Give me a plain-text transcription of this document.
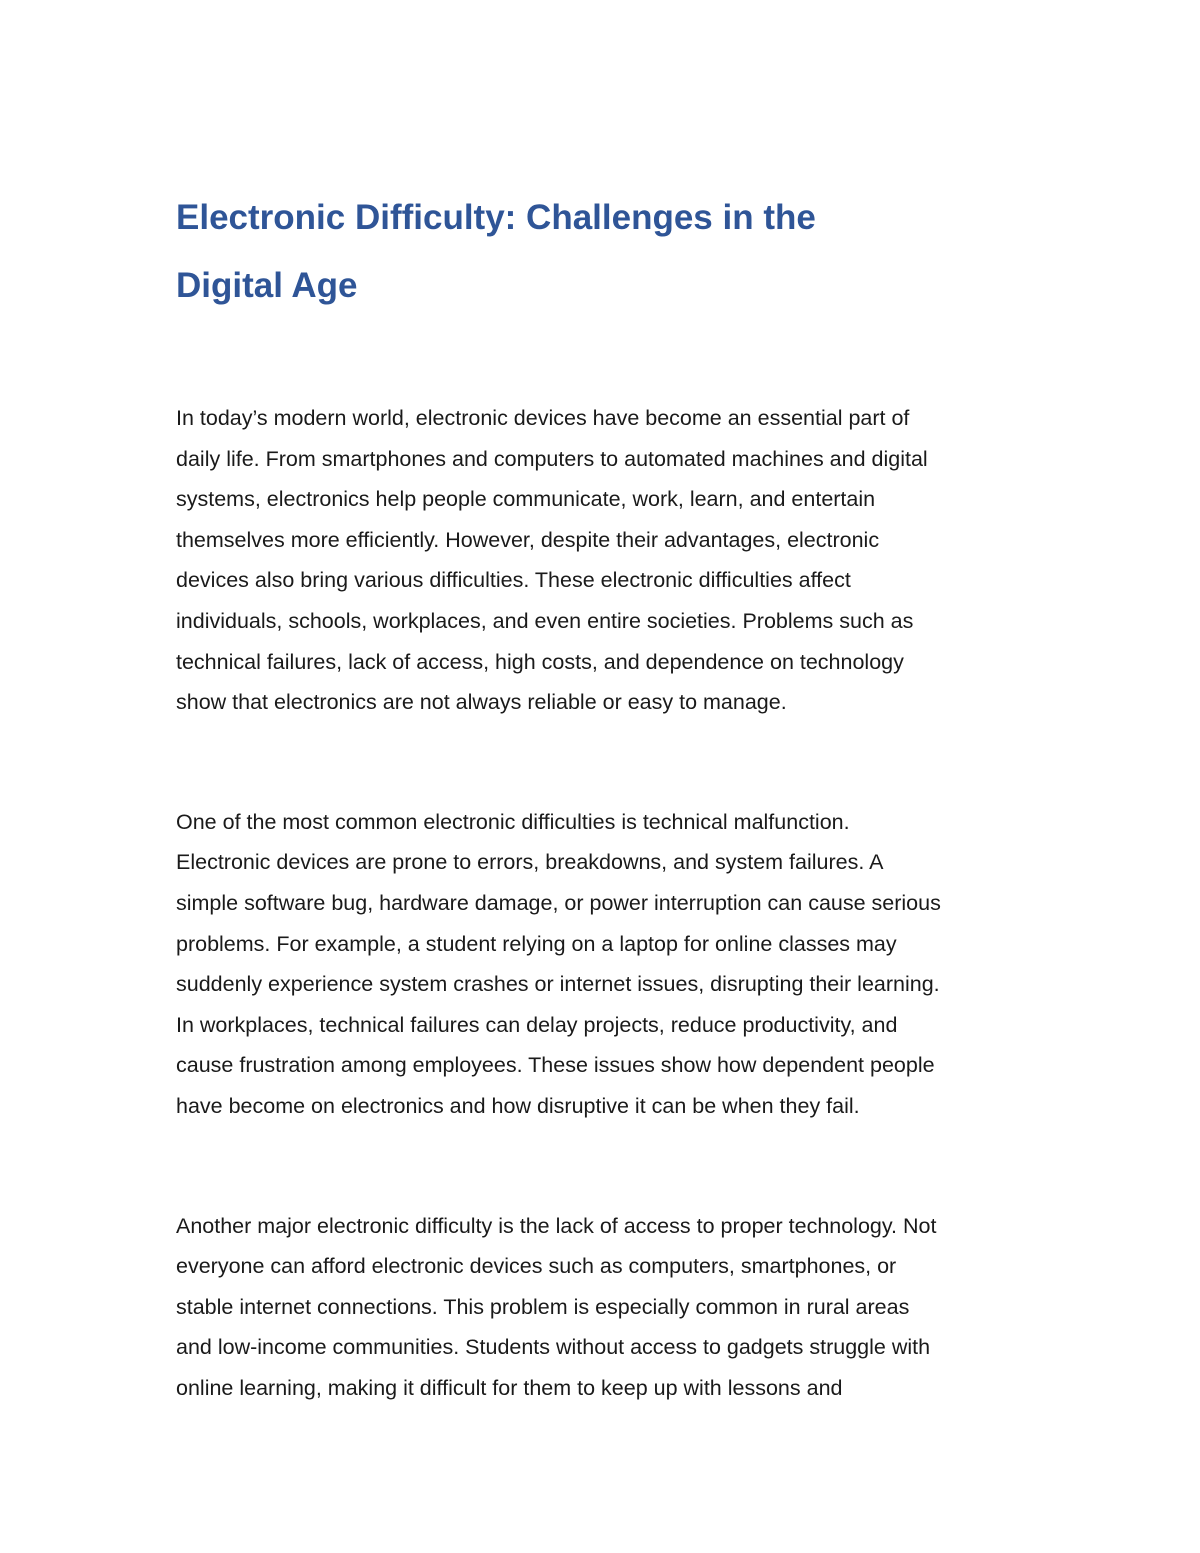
Electronic Difficulty: Challenges in the
Digital Age

In today’s modern world, electronic devices have become an essential part of
daily life. From smartphones and computers to automated machines and digital
systems, electronics help people communicate, work, learn, and entertain
themselves more efficiently. However, despite their advantages, electronic
devices also bring various difficulties. These electronic difficulties affect
individuals, schools, workplaces, and even entire societies. Problems such as
technical failures, lack of access, high costs, and dependence on technology
show that electronics are not always reliable or easy to manage.

One of the most common electronic difficulties is technical malfunction.
Electronic devices are prone to errors, breakdowns, and system failures. A
simple software bug, hardware damage, or power interruption can cause serious
problems. For example, a student relying on a laptop for online classes may
suddenly experience system crashes or internet issues, disrupting their learning.
In workplaces, technical failures can delay projects, reduce productivity, and
cause frustration among employees. These issues show how dependent people
have become on electronics and how disruptive it can be when they fail.

Another major electronic difficulty is the lack of access to proper technology. Not
everyone can afford electronic devices such as computers, smartphones, or
stable internet connections. This problem is especially common in rural areas
and low-income communities. Students without access to gadgets struggle with
online learning, making it difficult for them to keep up with lessons and
